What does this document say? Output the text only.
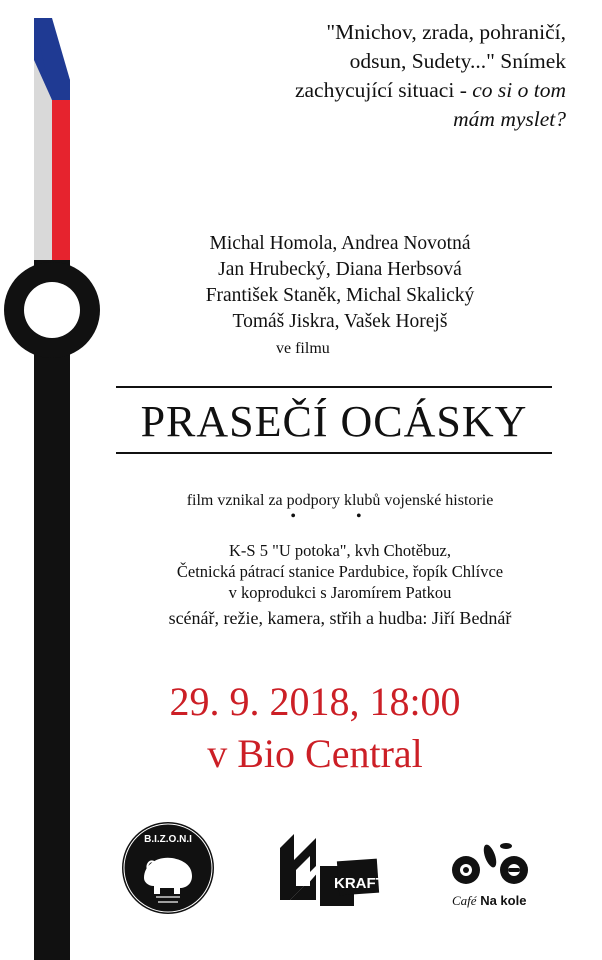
"Mnichov, zrada, pohraničí,
odsun, Sudety..." Snímek
zachycující situaci - co si o tom
mám myslet?
Michal Homola, Andrea Novotná
Jan Hrubecký, Diana Herbsová
František Staněk, Michal Skalický
Tomáš Jiskra, Vašek Horejš
ve filmu
PRASEČÍ OCÁSKY
film vznikal za podpory klubů vojenské historie
• •
K-S 5 "U potoka", kvh Chotěbuz,
Četnická pátrací stanice Pardubice, řopík Chlívce
v koprodukci s Jaromírem Patkou
scénář, režie, kamera, střih a hudba: Jiří Bednář
29. 9. 2018, 18:00
v Bio Central
B.I.Z.O.N.I
KRAFT
Café Na kole
